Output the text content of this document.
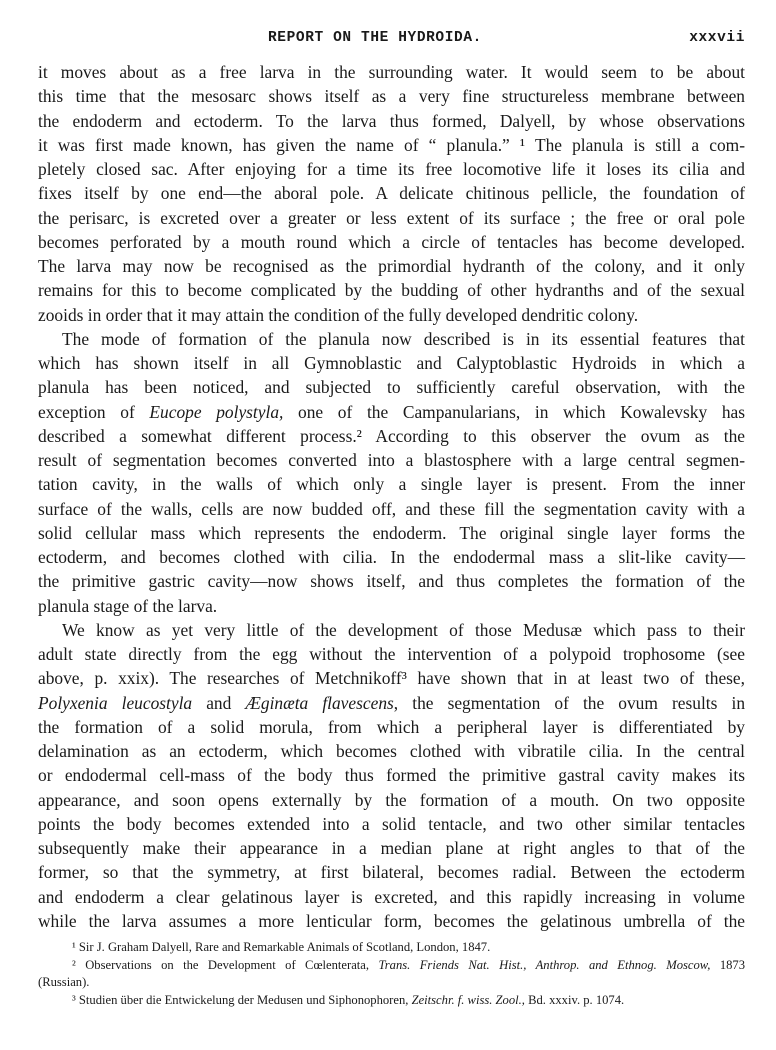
REPORT ON THE HYDROIDA.	xxxvii
it moves about as a free larva in the surrounding water. It would seem to be about
this time that the mesosarc shows itself as a very fine structureless membrane between
the endoderm and ectoderm. To the larva thus formed, Dalyell, by whose observations
it was first made known, has given the name of “ planula.” ¹ The planula is still a com-
pletely closed sac. After enjoying for a time its free locomotive life it loses its cilia and
fixes itself by one end—the aboral pole. A delicate chitinous pellicle, the foundation of
the perisarc, is excreted over a greater or less extent of its surface ; the free or oral pole
becomes perforated by a mouth round which a circle of tentacles has become developed.
The larva may now be recognised as the primordial hydranth of the colony, and it only
remains for this to become complicated by the budding of other hydranths and of the sexual
zooids in order that it may attain the condition of the fully developed dendritic colony.
The mode of formation of the planula now described is in its essential features that
which has shown itself in all Gymnoblastic and Calyptoblastic Hydroids in which a
planula has been noticed, and subjected to sufficiently careful observation, with the
exception of Eucope polystyla, one of the Campanularians, in which Kowalevsky has
described a somewhat different process.² According to this observer the ovum as the
result of segmentation becomes converted into a blastosphere with a large central segmen-
tation cavity, in the walls of which only a single layer is present. From the inner
surface of the walls, cells are now budded off, and these fill the segmentation cavity with a
solid cellular mass which represents the endoderm. The original single layer forms the
ectoderm, and becomes clothed with cilia. In the endodermal mass a slit-like cavity—
the primitive gastric cavity—now shows itself, and thus completes the formation of the
planula stage of the larva.
We know as yet very little of the development of those Medusæ which pass to their
adult state directly from the egg without the intervention of a polypoid trophosome (see
above, p. xxix). The researches of Metchnikoff³ have shown that in at least two of these,
Polyxenia leucostyla and Æginæta flavescens, the segmentation of the ovum results in
the formation of a solid morula, from which a peripheral layer is differentiated by
delamination as an ectoderm, which becomes clothed with vibratile cilia. In the central
or endodermal cell-mass of the body thus formed the primitive gastral cavity makes its
appearance, and soon opens externally by the formation of a mouth. On two opposite
points the body becomes extended into a solid tentacle, and two other similar tentacles
subsequently make their appearance in a median plane at right angles to that of the
former, so that the symmetry, at first bilateral, becomes radial. Between the ectoderm
and endoderm a clear gelatinous layer is excreted, and this rapidly increasing in volume
while the larva assumes a more lenticular form, becomes the gelatinous umbrella of the
¹ Sir J. Graham Dalyell, Rare and Remarkable Animals of Scotland, London, 1847.
² Observations on the Development of Cœlenterata, Trans. Friends Nat. Hist., Anthrop. and Ethnog. Moscow, 1873
(Russian).
³ Studien über die Entwickelung der Medusen und Siphonophoren, Zeitschr. f. wiss. Zool., Bd. xxxiv. p. 1074.
